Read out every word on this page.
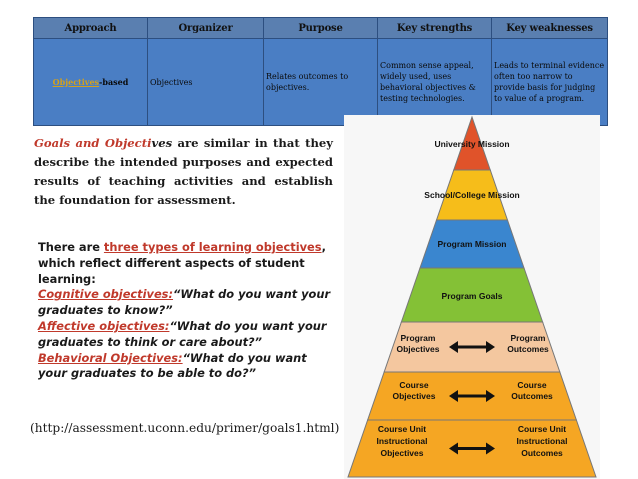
Approach	Organizer	Purpose	Key strengths	Key weaknesses
Objectives-based	Objectives	Relates outcomes to objectives.	Common sense appeal, widely used, uses behavioral objectives & testing technologies.	Leads to terminal evidence often too narrow to provide basis for judging to value of a program.
Goals and Objectives are similar in that they describe the intended purposes and expected results of teaching activities and establish the foundation for assessment.
There are three types of learning objectives, which reflect different aspects of student learning:
Cognitive objectives:“What do you want your graduates to know?”
Affective objectives:“What do you want your graduates to think or care about?”
Behavioral Objectives:“What do you want your graduates to be able to do?”
(http://assessment.uconn.edu/primer/goals1.html)
University Mission
School/College Mission
Program Mission
Program Goals
Program
Objectives
Program
Outcomes
Course
Objectives
Course
Outcomes
Course Unit
Instructional
Objectives
Course Unit
Instructional
Outcomes
